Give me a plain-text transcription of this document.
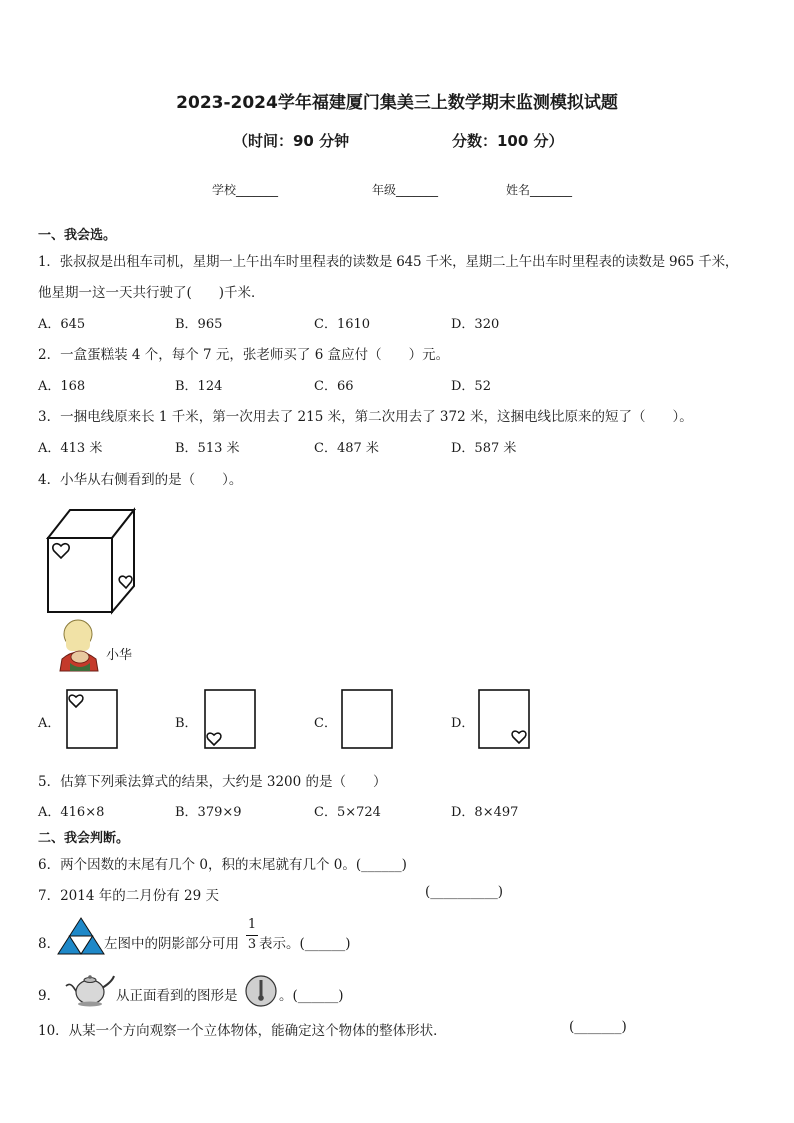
2023-2024学年福建厦门集美三上数学期末监测模拟试题
（时间：90 分钟	分数：100 分）
学校_______	年级_______	姓名_______
一、我会选。
1．张叔叔是出租车司机，星期一上午出车时里程表的读数是 645 千米，星期二上午出车时里程表的读数是 965 千米，
他星期一这一天共行驶了(　　)千米．
A．645	B．965	C．1610	D．320
2．一盒蛋糕装 4 个，每个 7 元，张老师买了 6 盒应付（　　）元。
A．168	B．124	C．66	D．52
3．一捆电线原来长 1 千米，第一次用去了 215 米，第二次用去了 372 米，这捆电线比原来的短了（　　）。
A．413 米	B．513 米	C．487 米	D．587 米
4．小华从右侧看到的是（　　）。
小华
A．	B．	C．	D．
5．估算下列乘法算式的结果，大约是 3200 的是（　　）
A．416×8	B．379×9	C．5×724	D．8×497
二、我会判断。
6．两个因数的末尾有几个 0，积的末尾就有几个 0。(______)
7．2014 年的二月份有 29 天	(__________)
8．	左图中的阴影部分可用
1
3 表示。(______)
9．	从正面看到的图形是	。(______)
10．从某一个方向观察一个立体物体，能确定这个物体的整体形状．	(_______)
